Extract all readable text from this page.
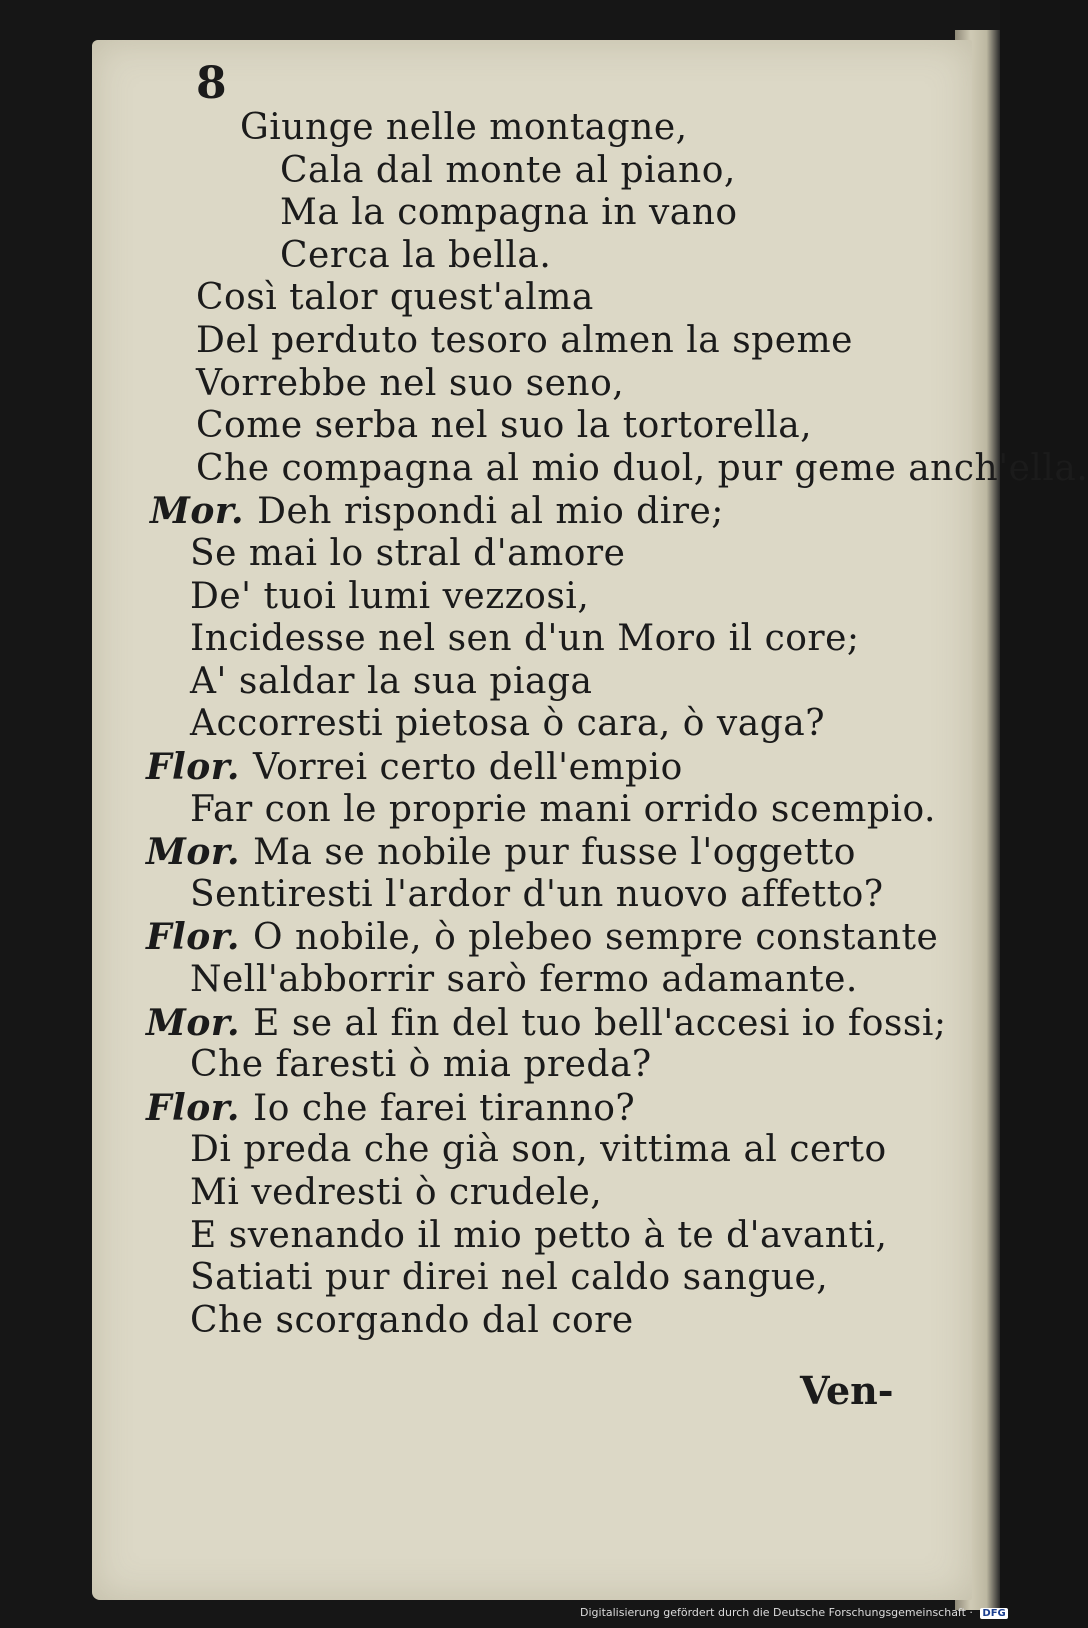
8
Giunge nelle montagne,
Cala dal monte al piano,
Ma la compagna in vano
Cerca la bella.
Così talor quest'alma
Del perduto tesoro almen la speme
Vorrebbe nel suo seno,
Come serba nel suo la tortorella,
Che compagna al mio duol, pur geme anch'ella.
Mor. Deh rispondi al mio dire;
Se mai lo stral d'amore
De' tuoi lumi vezzosi,
Incidesse nel sen d'un Moro il core;
A' saldar la sua piaga
Accorresti pietosa ò cara, ò vaga?
Flor. Vorrei certo dell'empio
Far con le proprie mani orrido scempio.
Mor. Ma se nobile pur fusse l'oggetto
Sentiresti l'ardor d'un nuovo affetto?
Flor. O nobile, ò plebeo sempre constante
Nell'abborrir sarò fermo adamante.
Mor. E se al fin del tuo bell'accesi io fossi;
Che faresti ò mia preda?
Flor. Io che farei tiranno?
Di preda che già son, vittima al certo
Mi vedresti ò crudele,
E svenando il mio petto à te d'avanti,
Satiati pur direi nel caldo sangue,
Che scorgando dal core
Ven-
Digitalisierung gefördert durch die Deutsche Forschungsgemeinschaft · DFG
